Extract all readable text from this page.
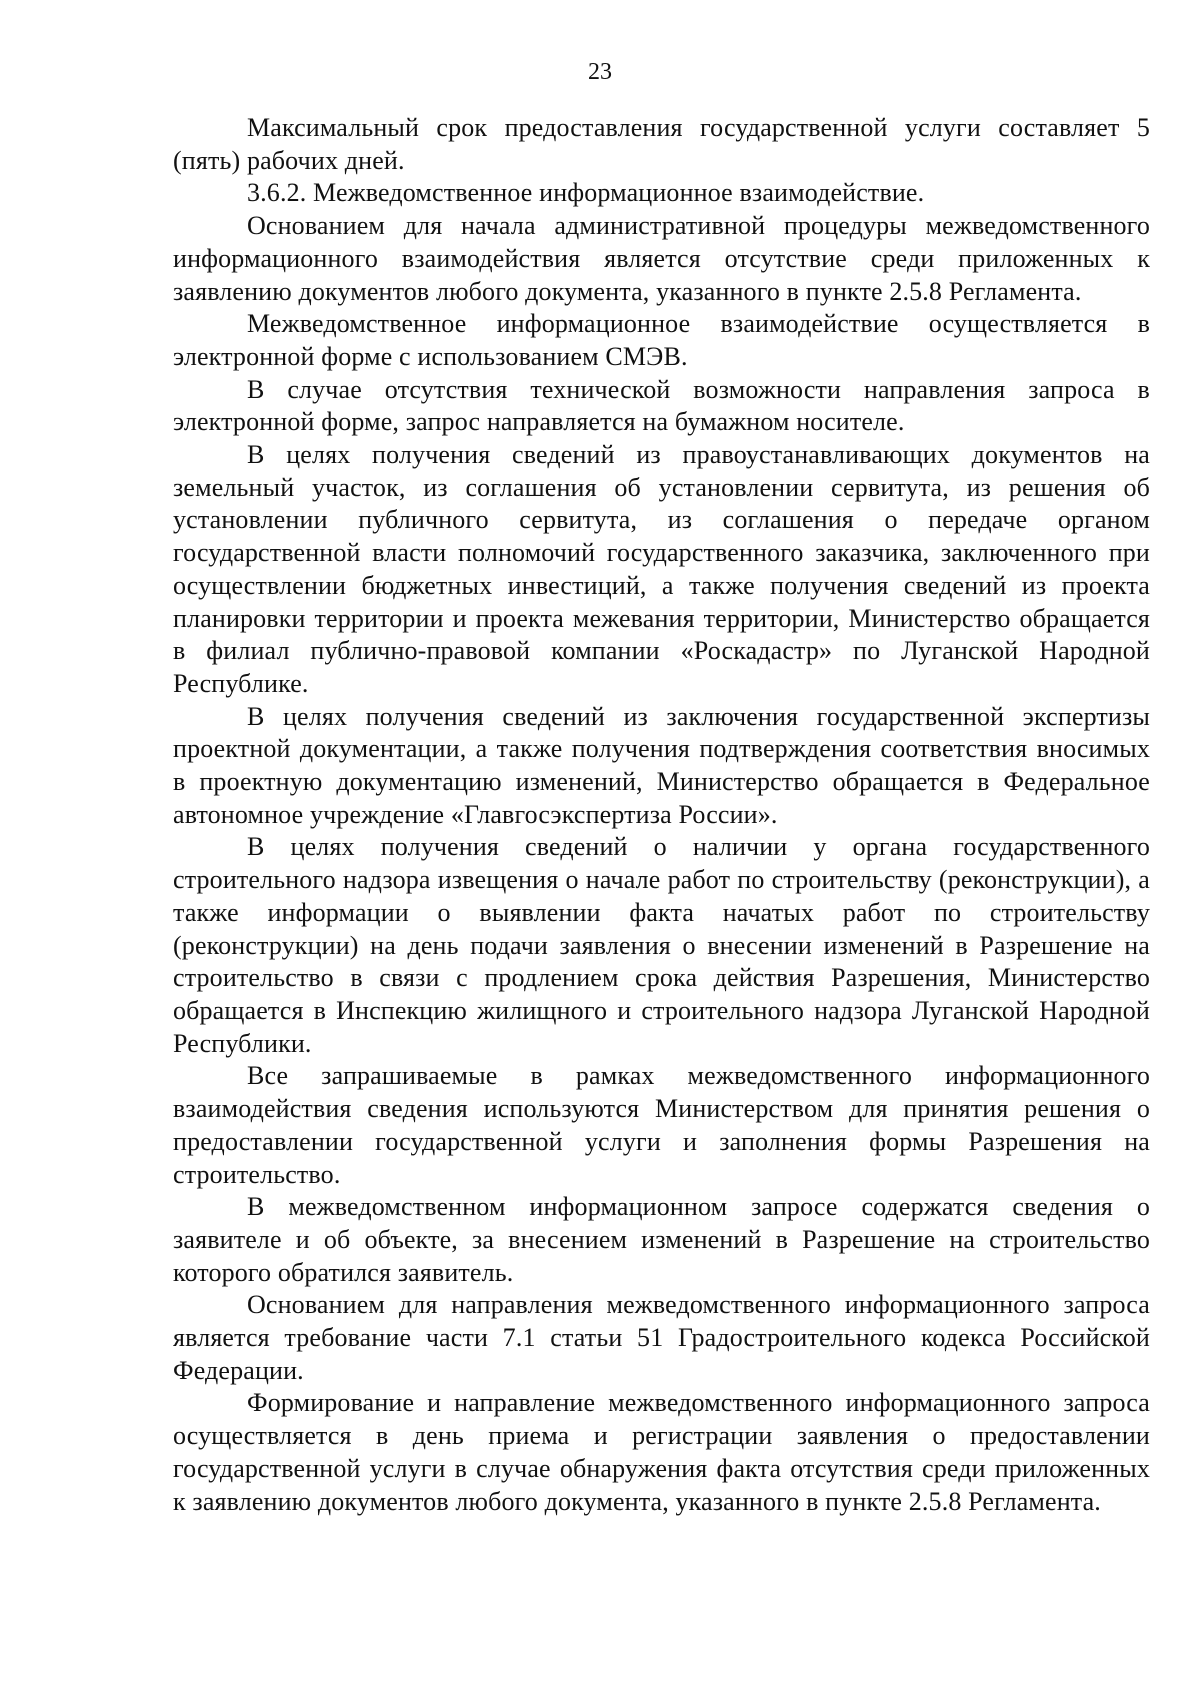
23

Максимальный срок предоставления государственной услуги составляет 5 (пять) рабочих дней.

3.6.2. Межведомственное информационное взаимодействие.

Основанием для начала административной процедуры межведомственного информационного взаимодействия является отсутствие среди приложенных к заявлению документов любого документа, указанного в пункте 2.5.8 Регламента.

Межведомственное информационное взаимодействие осуществляется в электронной форме с использованием СМЭВ.

В случае отсутствия технической возможности направления запроса в электронной форме, запрос направляется на бумажном носителе.

В целях получения сведений из правоустанавливающих документов на земельный участок, из соглашения об установлении сервитута, из решения об установлении публичного сервитута, из соглашения о передаче органом государственной власти полномочий государственного заказчика, заключенного при осуществлении бюджетных инвестиций, а также получения сведений из проекта планировки территории и проекта межевания территории, Министерство обращается в филиал публично-правовой компании «Роскадастр» по Луганской Народной Республике.

В целях получения сведений из заключения государственной экспертизы проектной документации, а также получения подтверждения соответствия вносимых в проектную документацию изменений, Министерство обращается в Федеральное автономное учреждение «Главгосэкспертиза России».

В целях получения сведений о наличии у органа государственного строительного надзора извещения о начале работ по строительству (реконструкции), а также информации о выявлении факта начатых работ по строительству (реконструкции) на день подачи заявления о внесении изменений в Разрешение на строительство в связи с продлением срока действия Разрешения, Министерство обращается в Инспекцию жилищного и строительного надзора Луганской Народной Республики.

Все запрашиваемые в рамках межведомственного информационного взаимодействия сведения используются Министерством для принятия решения о предоставлении государственной услуги и заполнения формы Разрешения на строительство.

В межведомственном информационном запросе содержатся сведения о заявителе и об объекте, за внесением изменений в Разрешение на строительство которого обратился заявитель.

Основанием для направления межведомственного информационного запроса является требование части 7.1 статьи 51 Градостроительного кодекса Российской Федерации.

Формирование и направление межведомственного информационного запроса осуществляется в день приема и регистрации заявления о предоставлении государственной услуги в случае обнаружения факта отсутствия среди приложенных к заявлению документов любого документа, указанного в пункте 2.5.8 Регламента.
